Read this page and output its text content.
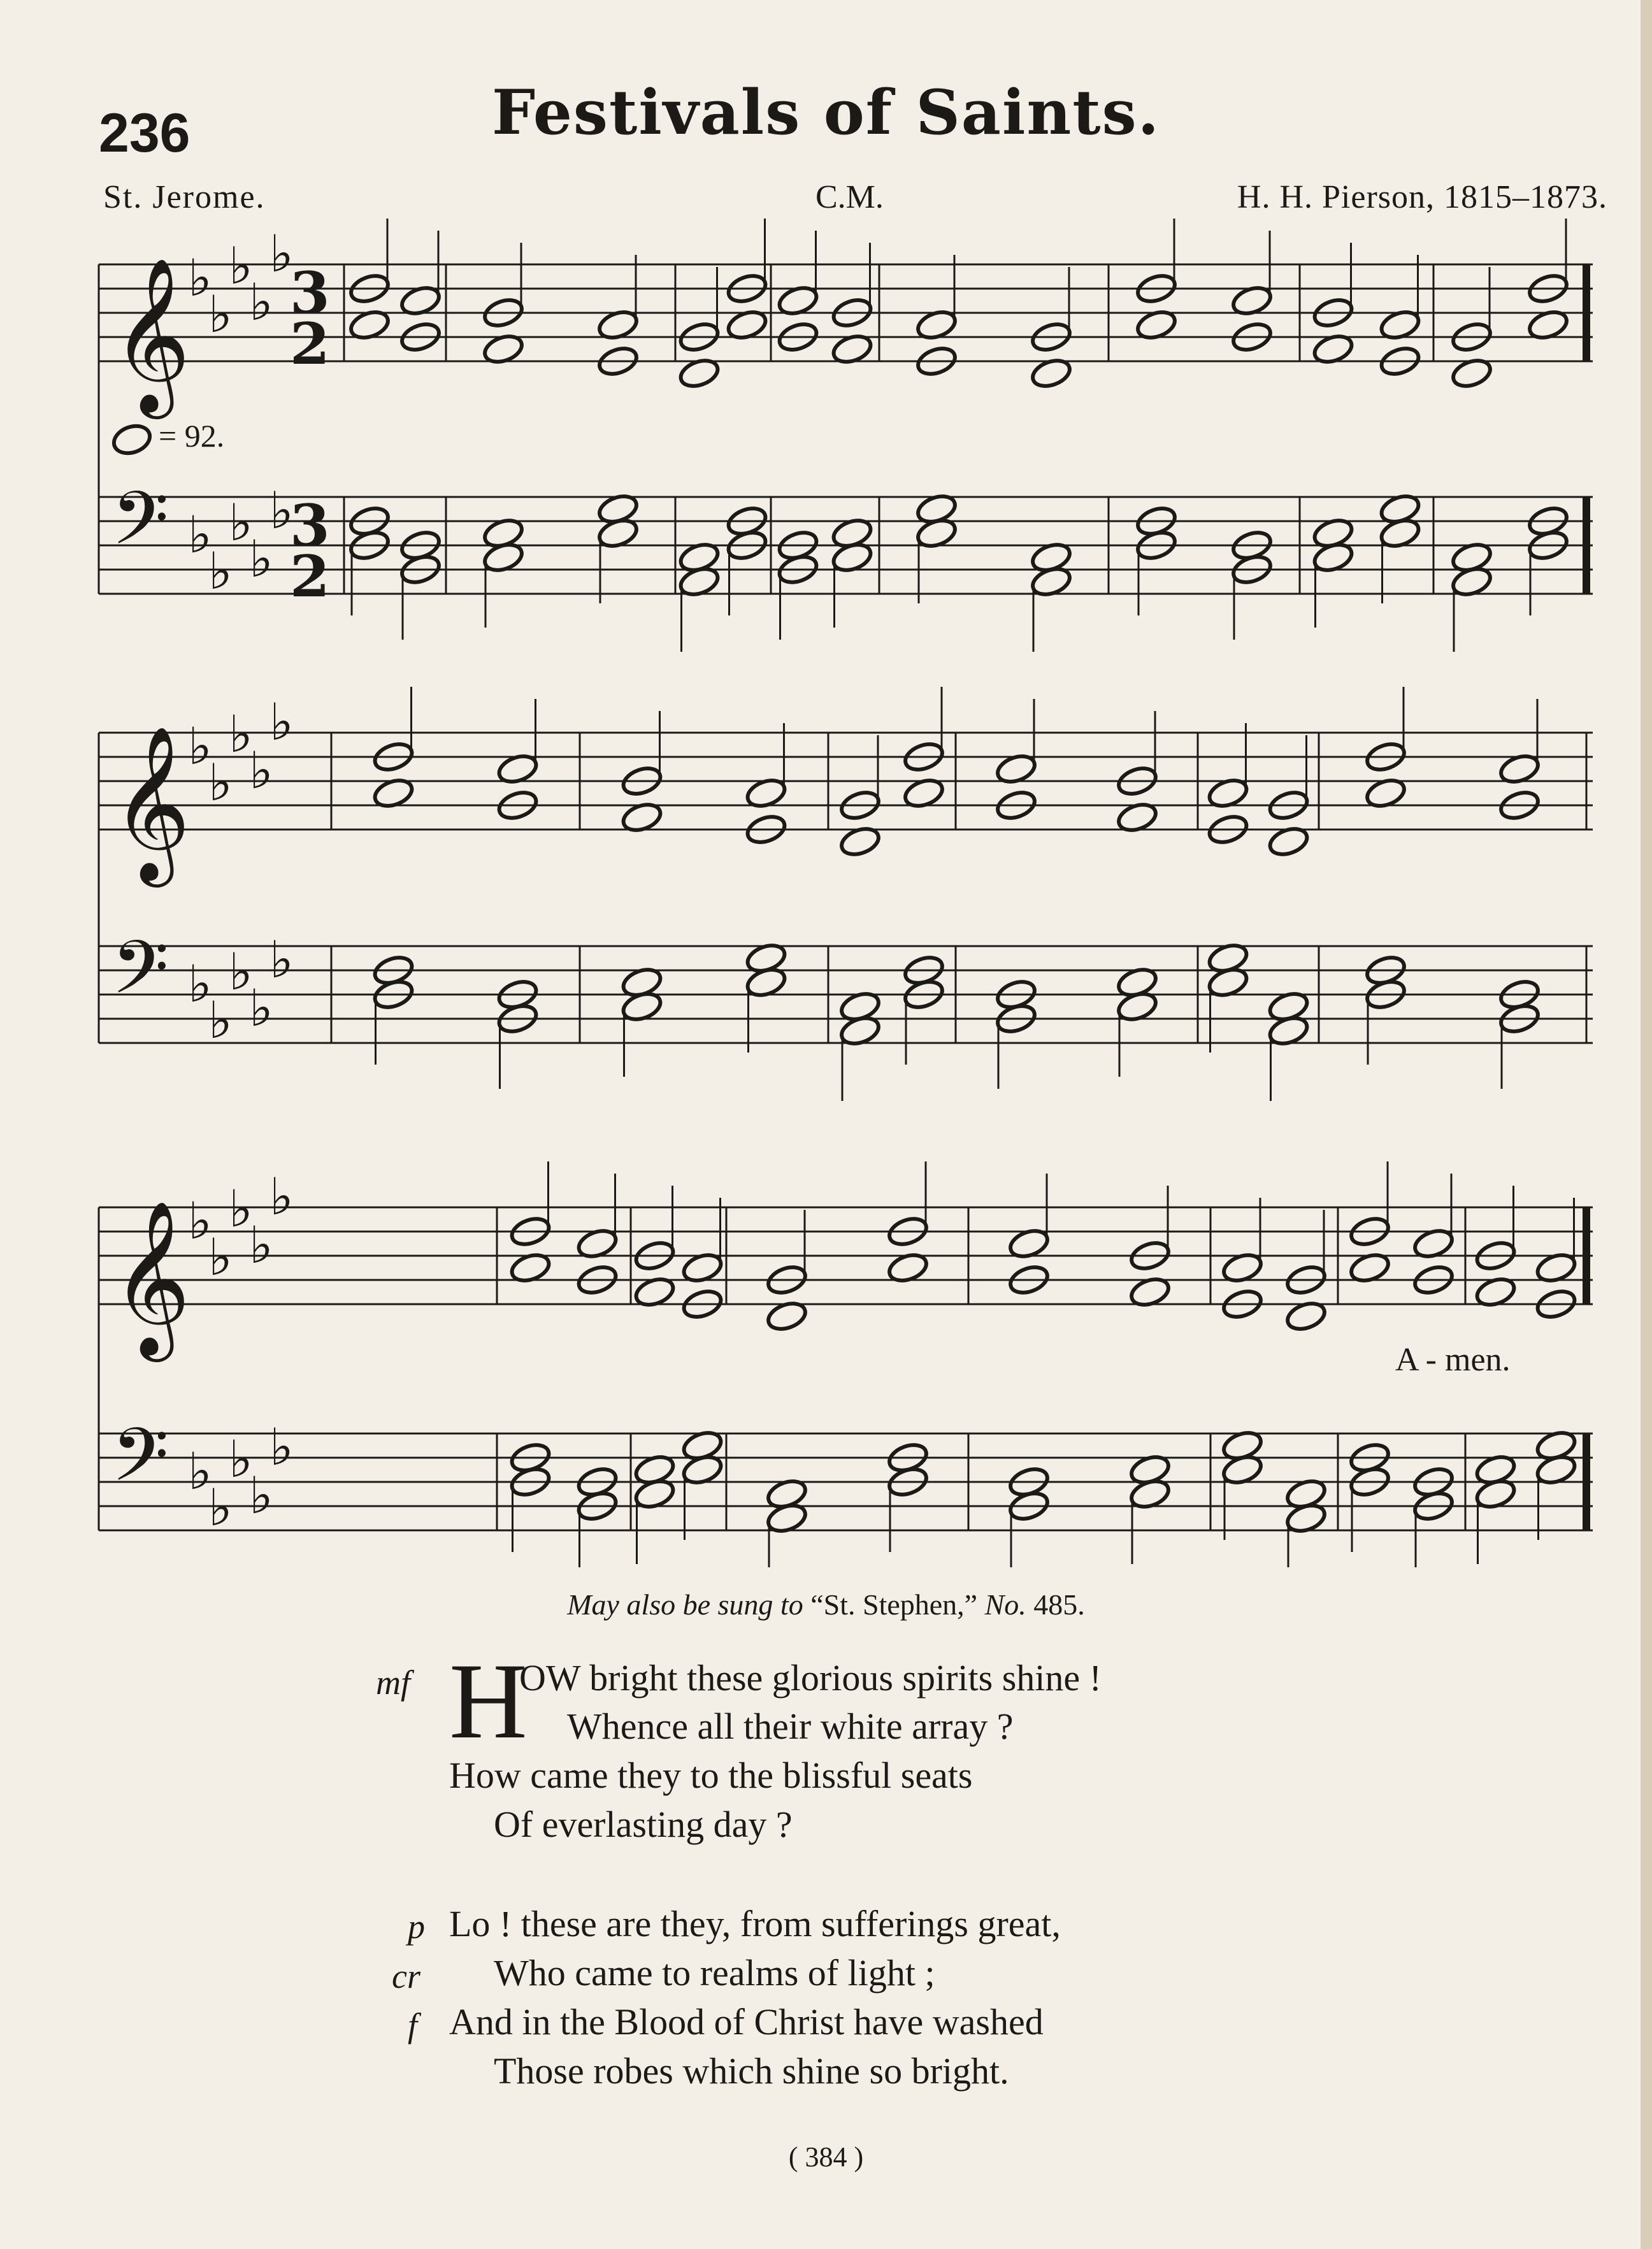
236	Festivals of Saints.
St. Jerome.	C.M.	H. H. Pierson, 1815–1873.
= 92.
𝄞
♭
♭
♭
♭
♭
3
2
𝄢 ♭
♭
♭
♭
♭
3
2
𝄞
♭
♭
♭
♭
♭
𝄢 ♭
♭
♭
♭
♭
𝄞
♭
♭
♭
♭
♭
𝄢 ♭
♭
♭
♭
♭
A - men.
May also be sung to “St. Stephen,” No. 485.
H
mf	OW bright these glorious spirits shine !
Whence all their white array ?
How came they to the blissful seats
Of everlasting day ?
p Lo ! these are they, from sufferings great,
cr Who came to realms of light ;
f And in the Blood of Christ have washed
Those robes which shine so bright.
( 384 )
